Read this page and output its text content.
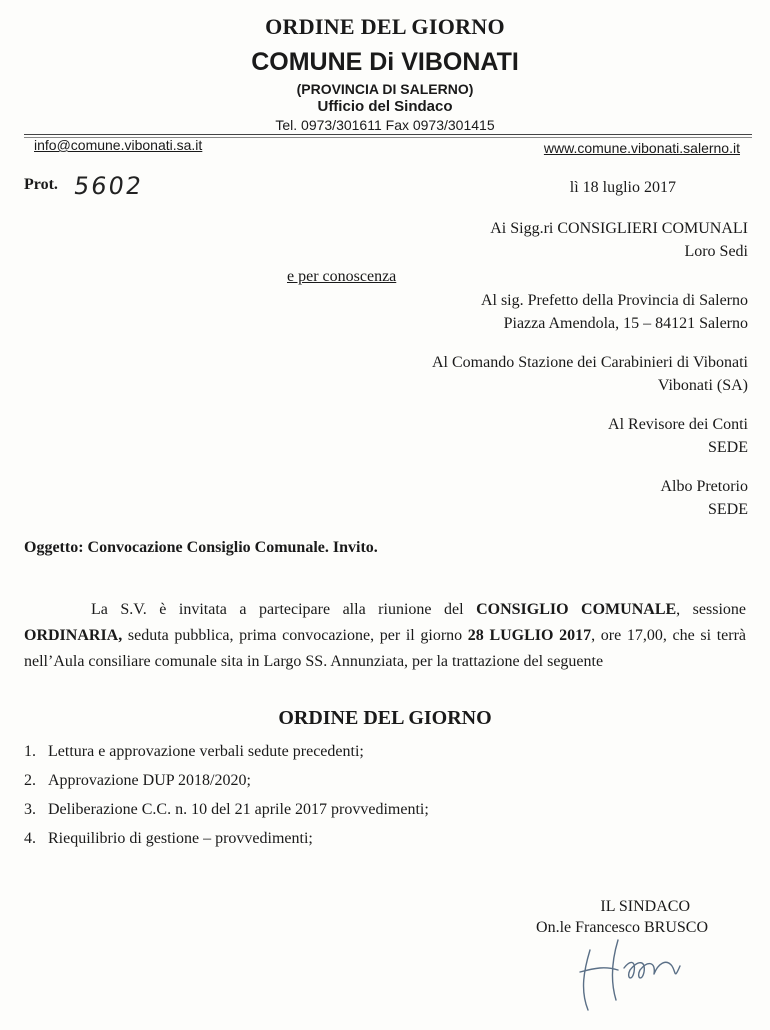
ORDINE DEL GIORNO
COMUNE Di VIBONATI
(PROVINCIA DI SALERNO)
Ufficio del Sindaco
Tel. 0973/301611 Fax 0973/301415
info@comune.vibonati.sa.it	www.comune.vibonati.salerno.it
Prot. 5602	lì 18 luglio 2017
Ai Sigg.ri CONSIGLIERI COMUNALI
Loro Sedi
e per conoscenza
Al sig. Prefetto della Provincia di Salerno
Piazza Amendola, 15 – 84121 Salerno
Al Comando Stazione dei Carabinieri di Vibonati
Vibonati (SA)
Al Revisore dei Conti
SEDE
Albo Pretorio
SEDE
Oggetto: Convocazione Consiglio Comunale. Invito.
La S.V. è invitata a partecipare alla riunione del CONSIGLIO COMUNALE, sessione ORDINARIA, seduta pubblica, prima convocazione, per il giorno 28 LUGLIO 2017, ore 17,00, che si terrà nell’Aula consiliare comunale sita in Largo SS. Annunziata, per la trattazione del seguente
ORDINE DEL GIORNO
1. Lettura e approvazione verbali sedute precedenti;
2. Approvazione DUP 2018/2020;
3. Deliberazione C.C. n. 10 del 21 aprile 2017 provvedimenti;
4. Riequilibrio di gestione – provvedimenti;
IL SINDACO
On.le Francesco BRUSCO
